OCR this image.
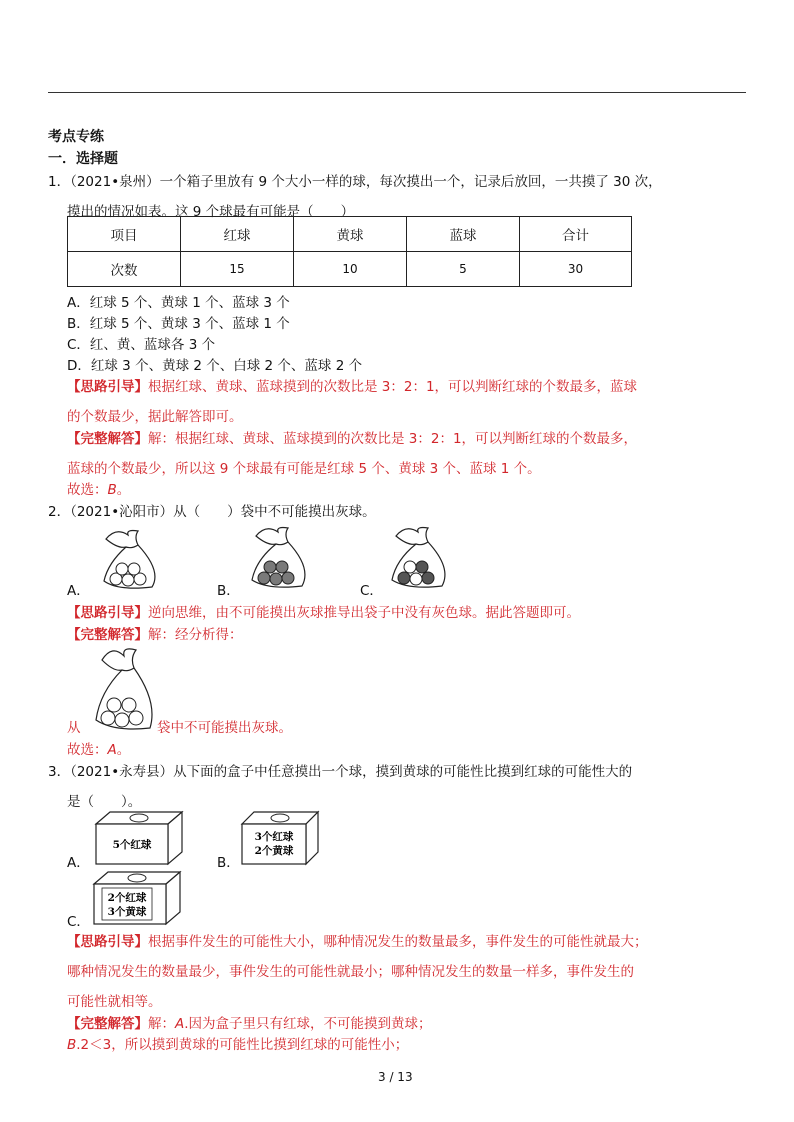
考点专练
一．选择题
1．（2021•泉州）一个箱子里放有 9 个大小一样的球，每次摸出一个，记录后放回，一共摸了 30 次，
摸出的情况如表。这 9 个球最有可能是（　　）
项目	红球	黄球	蓝球	合计
次数	15	10	5	30
A．红球 5 个、黄球 1 个、蓝球 3 个
B．红球 5 个、黄球 3 个、蓝球 1 个
C．红、黄、蓝球各 3 个
D．红球 3 个、黄球 2 个、白球 2 个、蓝球 2 个
【思路引导】根据红球、黄球、蓝球摸到的次数比是 3：2：1，可以判断红球的个数最多，蓝球
的个数最少，据此解答即可。
【完整解答】解：根据红球、黄球、蓝球摸到的次数比是 3：2：1，可以判断红球的个数最多，
蓝球的个数最少，所以这 9 个球最有可能是红球 5 个、黄球 3 个、蓝球 1 个。
故选：B。
2．（2021•沁阳市）从（　　）袋中不可能摸出灰球。
A．	B．	C．
【思路引导】逆向思维，由不可能摸出灰球推导出袋子中没有灰色球。据此答题即可。
【完整解答】解：经分析得：
从	袋中不可能摸出灰球。
故选：A。
3．（2021•永寿县）从下面的盒子中任意摸出一个球，摸到黄球的可能性比摸到红球的可能性大的
是（　　）。
A．
5个红球
B．
3个红球
2个黄球
C．
2个红球
3个黄球
【思路引导】根据事件发生的可能性大小，哪种情况发生的数量最多，事件发生的可能性就最大；
哪种情况发生的数量最少，事件发生的可能性就最小；哪种情况发生的数量一样多，事件发生的
可能性就相等。
【完整解答】解：A.因为盒子里只有红球，不可能摸到黄球；
B.2＜3，所以摸到黄球的可能性比摸到红球的可能性小；
3 / 13
